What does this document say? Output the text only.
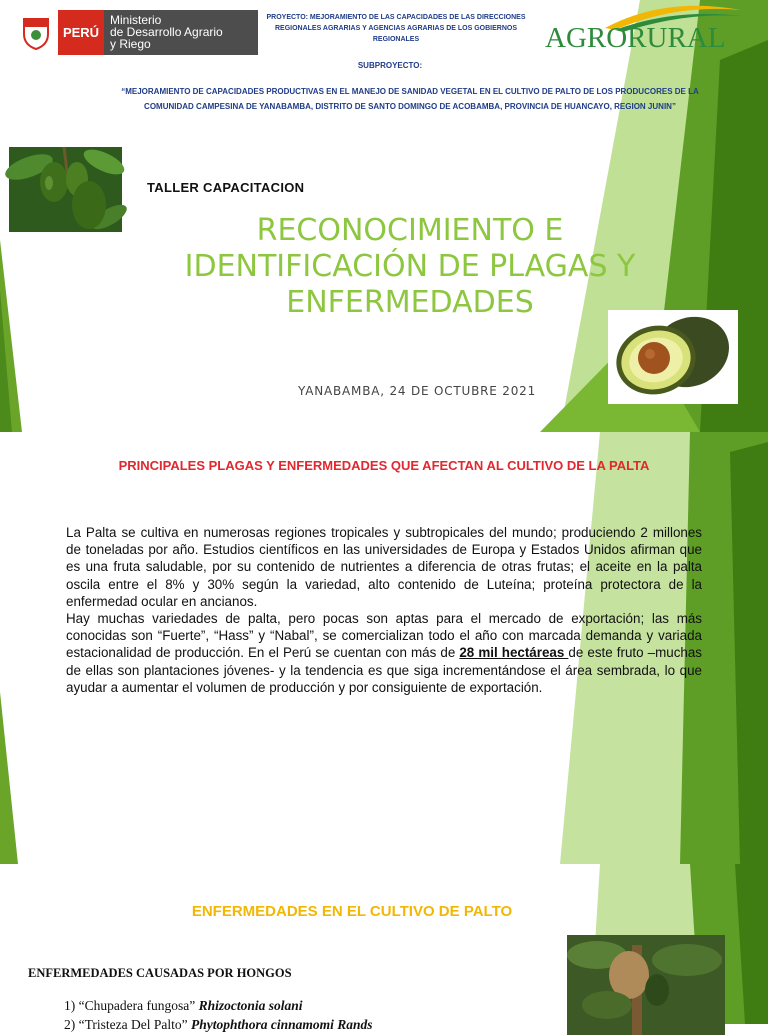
PERÚ
Ministerio
de Desarrollo Agrario
y Riego
PROYECTO: MEJORAMIENTO DE LAS CAPACIDADES DE LAS DIRECCIONES
REGIONALES AGRARIAS Y AGENCIAS AGRARIAS DE LOS GOBIERNOS
REGIONALES	AGRORURAL
SUBPROYECTO:
“MEJORAMIENTO DE CAPACIDADES PRODUCTIVAS EN EL MANEJO DE SANIDAD VEGETAL EN EL CULTIVO DE PALTO DE LOS PRODUCORES DE LA COMUNIDAD CAMPESINA DE YANABAMBA, DISTRITO DE SANTO DOMINGO DE ACOBAMBA, PROVINCIA DE HUANCAYO, REGION JUNIN”
TALLER CAPACITACION
RECONOCIMIENTO E
IDENTIFICACIÓN DE PLAGAS Y
ENFERMEDADES
YANABAMBA, 24 DE OCTUBRE 2021
PRINCIPALES PLAGAS Y ENFERMEDADES QUE AFECTAN AL CULTIVO DE LA PALTA

La Palta se cultiva en numerosas regiones tropicales y subtropicales del mundo; produciendo 2 millones de toneladas por año. Estudios científicos en las universidades de Europa y Estados Unidos afirman que es una fruta saludable, por su contenido de nutrientes a diferencia de otras frutas; el aceite en la palta oscila entre el 8% y 30% según la variedad, alto contenido de Luteína; proteína protectora de la enfermedad ocular en ancianos.

Hay muchas variedades de palta, pero pocas son aptas para el mercado de exportación; las más conocidas son “Fuerte”, “Hass” y “Nabal”, se comercializan todo el año con marcada demanda y variada estacionalidad de producción. En el Perú se cuentan con más de 28 mil hectáreas de este fruto –muchas de ellas son plantaciones jóvenes- y la tendencia es que siga incrementándose el área sembrada, lo que ayudar a aumentar el volumen de producción y por consiguiente de exportación.

ENFERMEDADES EN EL CULTIVO DE PALTO
ENFERMEDADES CAUSADAS POR HONGOS
1) “Chupadera fungosa” Rhizoctonia solani
2) “Tristeza Del Palto” Phytophthora cinnamomi Rands
